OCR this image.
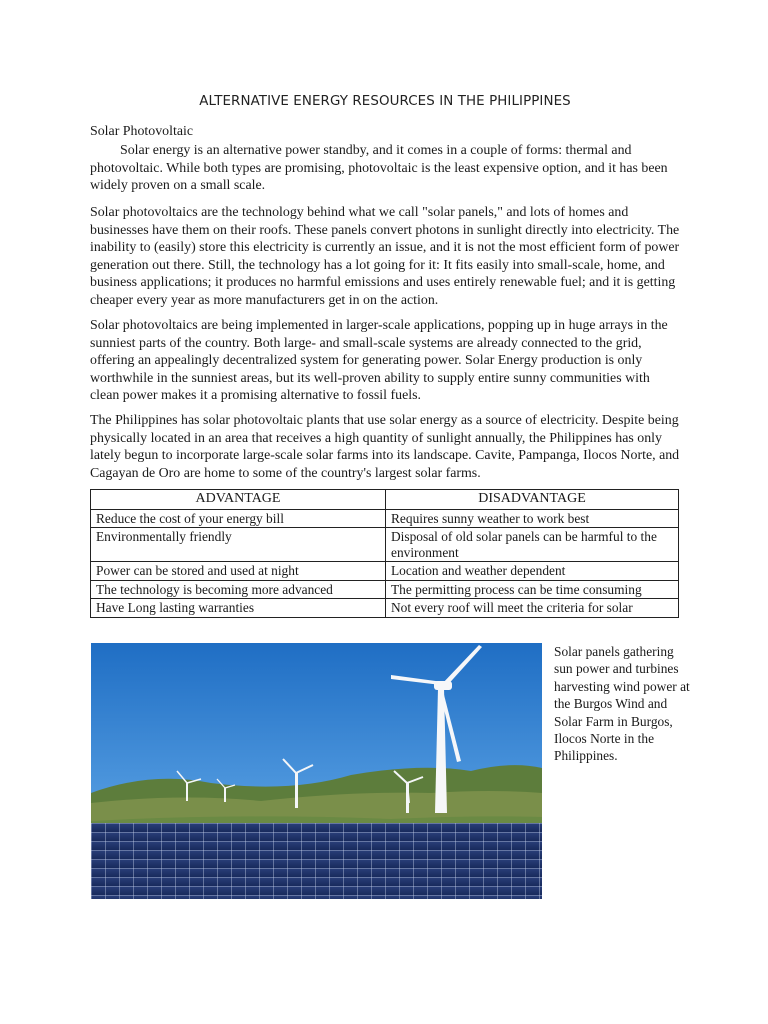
ALTERNATIVE ENERGY RESOURCES IN THE PHILIPPINES
Solar Photovoltaic

Solar energy is an alternative power standby, and it comes in a couple of forms: thermal and photovoltaic. While both types are promising, photovoltaic is the least expensive option, and it has been widely proven on a small scale.

Solar photovoltaics are the technology behind what we call "solar panels," and lots of homes and businesses have them on their roofs. These panels convert photons in sunlight directly into electricity. The inability to (easily) store this electricity is currently an issue, and it is not the most efficient form of power generation out there. Still, the technology has a lot going for it: It fits easily into small-scale, home, and business applications; it produces no harmful emissions and uses entirely renewable fuel; and it is getting cheaper every year as more manufacturers get in on the action.

Solar photovoltaics are being implemented in larger-scale applications, popping up in huge arrays in the sunniest parts of the country. Both large- and small-scale systems are already connected to the grid, offering an appealingly decentralized system for generating power. Solar Energy production is only worthwhile in the sunniest areas, but its well-proven ability to supply entire sunny communities with clean power makes it a promising alternative to fossil fuels.

The Philippines has solar photovoltaic plants that use solar energy as a source of electricity. Despite being physically located in an area that receives a high quantity of sunlight annually, the Philippines has only lately begun to incorporate large-scale solar farms into its landscape. Cavite, Pampanga, Ilocos Norte, and Cagayan de Oro are home to some of the country's largest solar farms.

ADVANTAGE	DISADVANTAGE
Reduce the cost of your energy bill	Requires sunny weather to work best
Environmentally friendly	Disposal of old solar panels can be harmful to the environment
Power can be stored and used at night	Location and weather dependent
The technology is becoming more advanced	The permitting process can be time consuming
Have Long lasting warranties	Not every roof will meet the criteria for solar
Solar panels gathering sun power and turbines harvesting wind power at the Burgos Wind and Solar Farm in Burgos, Ilocos Norte in the Philippines.
